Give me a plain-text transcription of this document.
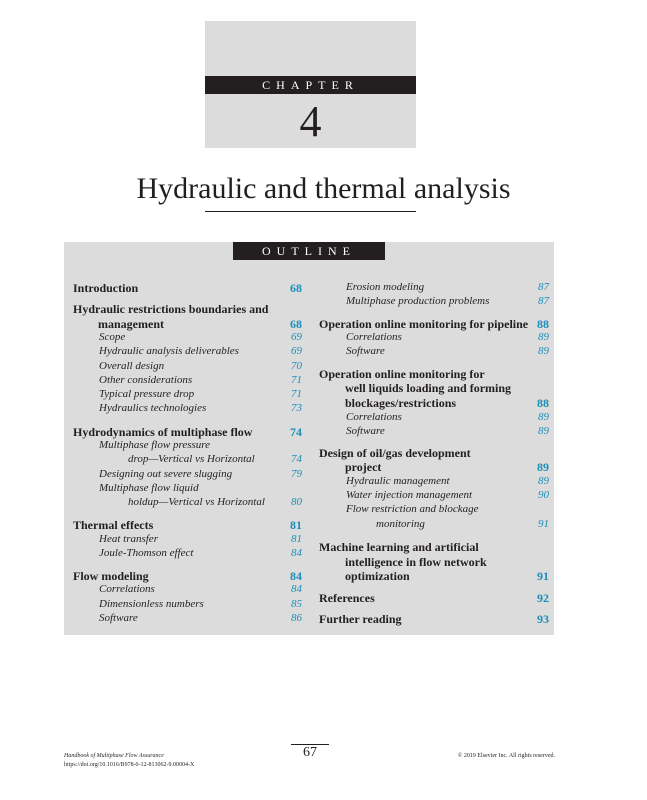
CHAPTER
4
Hydraulic and thermal analysis
OUTLINE
Introduction	68
Hydraulic restrictions boundaries and
management	68
Scope	69
Hydraulic analysis deliverables	69
Overall design	70
Other considerations	71
Typical pressure drop	71
Hydraulics technologies	73
Hydrodynamics of multiphase flow	74
Multiphase flow pressure
drop—Vertical vs Horizontal	74
Designing out severe slugging	79
Multiphase flow liquid
holdup—Vertical vs Horizontal	80
Thermal effects	81
Heat transfer	81
Joule-Thomson effect	84
Flow modeling	84
Correlations	84
Dimensionless numbers	85
Software	86
Erosion modeling	87
Multiphase production problems	87
Operation online monitoring for pipeline 88
Correlations	89
Software	89
Operation online monitoring for
well liquids loading and forming
blockages/restrictions	88
Correlations	89
Software	89
Design of oil/gas development
project	89
Hydraulic management	89
Water injection management	90
Flow restriction and blockage
monitoring	91
Machine learning and artificial
intelligence in flow network
optimization	91
References	92
Further reading	93
67
Handbook of Multiphase Flow Assurance
https://doi.org/10.1016/B978-0-12-813062-9.00004-X
© 2019 Elsevier Inc. All rights reserved.
